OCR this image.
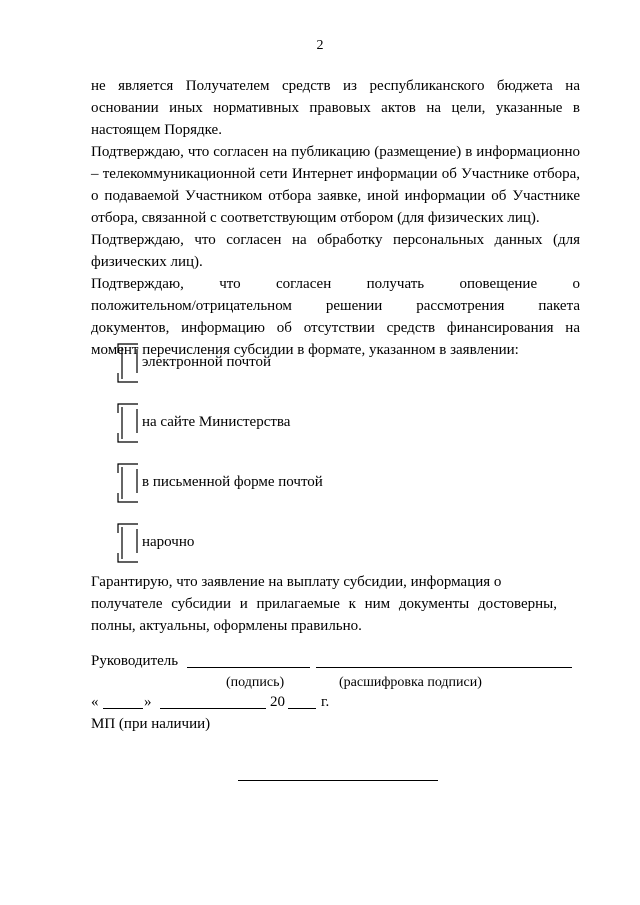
2
не является Получателем средств из республиканского бюджета на
основании иных нормативных правовых актов на цели, указанные в
настоящем Порядке.
Подтверждаю, что согласен на публикацию (размещение) в информационно
– телекоммуникационной сети Интернет информации об Участнике отбора,
о подаваемой Участником отбора заявке, иной информации об Участнике
отбора, связанной с соответствующим отбором (для физических лиц).
Подтверждаю, что согласен на обработку персональных данных (для
физических лиц).
Подтверждаю, что согласен получать оповещение о
положительном/отрицательном решении рассмотрения пакета
документов, информацию об отсутствии средств финансирования на
момент перечисления субсидии в формате, указанном в заявлении:
электронной почтой
на сайте Министерства
в письменной форме почтой
нарочно
Гарантирую, что заявление на выплату субсидии, информация о
получателе субсидии и прилагаемые к ним документы достоверны,
полны, актуальны, оформлены правильно.
Руководитель
(подпись)	(расшифровка подписи)
«	»	20 г.
МП (при наличии)
